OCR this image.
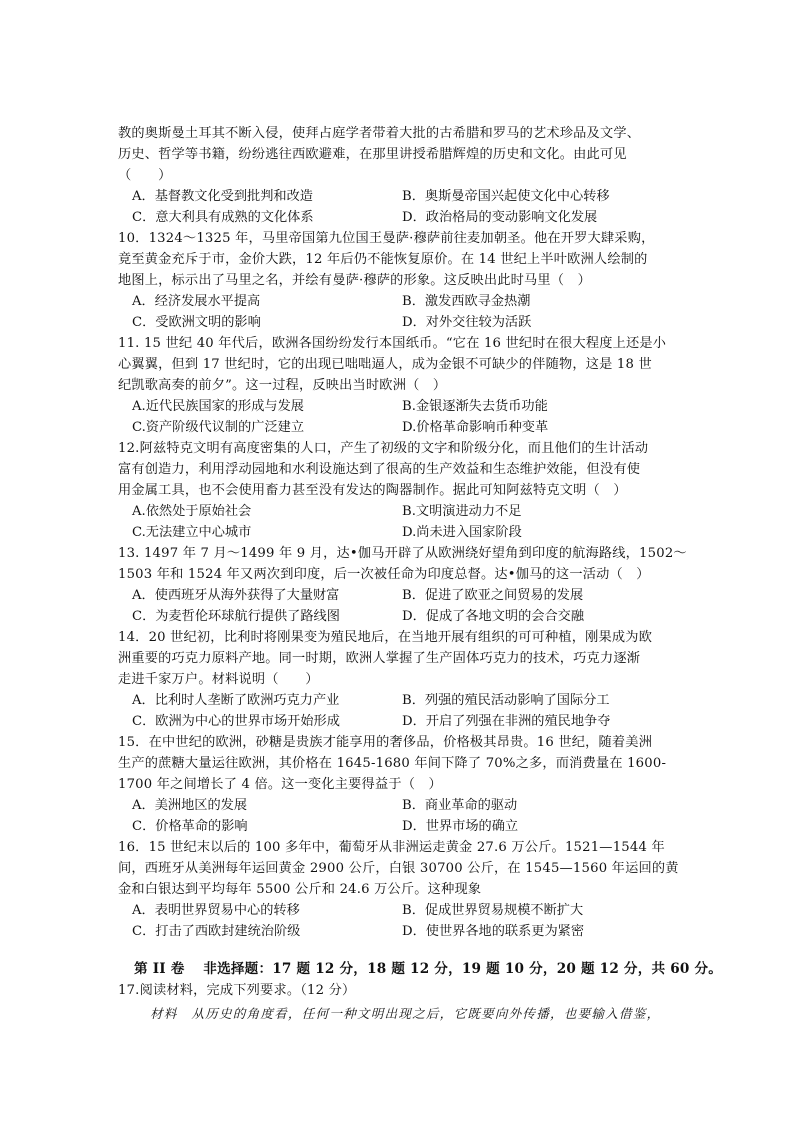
教的奥斯曼土耳其不断入侵，使拜占庭学者带着大批的古希腊和罗马的艺术珍品及文学、
历史、哲学等书籍，纷纷逃往西欧避难，在那里讲授希腊辉煌的历史和文化。由此可见
（　　）
A．基督教文化受到批判和改造	B．奥斯曼帝国兴起使文化中心转移
C．意大利具有成熟的文化体系	D．政治格局的变动影响文化发展
10．1324～1325 年，马里帝国第九位国王曼萨·穆萨前往麦加朝圣。他在开罗大肆采购，
竟至黄金充斥于市，金价大跌，12 年后仍不能恢复原价。在 14 世纪上半叶欧洲人绘制的
地图上，标示出了马里之名，并绘有曼萨·穆萨的形象。这反映出此时马里（　）
A．经济发展水平提高	B．激发西欧寻金热潮
C．受欧洲文明的影响	D．对外交往较为活跃
11. 15 世纪 40 年代后，欧洲各国纷纷发行本国纸币。“它在 16 世纪时在很大程度上还是小
心翼翼，但到 17 世纪时，它的出现已咄咄逼人，成为金银不可缺少的伴随物，这是 18 世
纪凯歌高奏的前夕”。这一过程，反映出当时欧洲（　）
A.近代民族国家的形成与发展	B.金银逐渐失去货币功能
C.资产阶级代议制的广泛建立	D.价格革命影响币种变革
12.阿兹特克文明有高度密集的人口，产生了初级的文字和阶级分化，而且他们的生计活动
富有创造力，利用浮动园地和水利设施达到了很高的生产效益和生态维护效能，但没有使
用金属工具，也不会使用畜力甚至没有发达的陶器制作。据此可知阿兹特克文明（　）
A.依然处于原始社会	B.文明演进动力不足
C.无法建立中心城市	D.尚未进入国家阶段
13. 1497 年 7 月～1499 年 9 月，达•伽马开辟了从欧洲绕好望角到印度的航海路线，1502～
1503 年和 1524 年又两次到印度，后一次被任命为印度总督。达•伽马的这一活动（　）
A．使西班牙从海外获得了大量财富	B．促进了欧亚之间贸易的发展
C．为麦哲伦环球航行提供了路线图	D．促成了各地文明的会合交融
14．20 世纪初，比利时将刚果变为殖民地后，在当地开展有组织的可可种植，刚果成为欧
洲重要的巧克力原料产地。同一时期，欧洲人掌握了生产固体巧克力的技术，巧克力逐渐
走进千家万户。材料说明（　　）
A．比利时人垄断了欧洲巧克力产业	B．列强的殖民活动影响了国际分工
C．欧洲为中心的世界市场开始形成	D．开启了列强在非洲的殖民地争夺
15．在中世纪的欧洲，砂糖是贵族才能享用的奢侈品，价格极其昂贵。16 世纪，随着美洲
生产的蔗糖大量运往欧洲，其价格在 1645-1680 年间下降了 70%之多，而消费量在 1600-
1700 年之间增长了 4 倍。这一变化主要得益于（　）
A．美洲地区的发展	B．商业革命的驱动
C．价格革命的影响	D．世界市场的确立
16．15 世纪末以后的 100 多年中，葡萄牙从非洲运走黄金 27.6 万公斤。1521—1544 年
间，西班牙从美洲每年运回黄金 2900 公斤，白银 30700 公斤，在 1545—1560 年运回的黄
金和白银达到平均每年 5500 公斤和 24.6 万公斤。这种现象
A．表明世界贸易中心的转移	B．促成世界贸易规模不断扩大
C．打击了西欧封建统治阶级	D．使世界各地的联系更为紧密
第 II 卷　 非选择题：17 题 12 分，18 题 12 分，19 题 10 分，20 题 12 分，共 60 分。
17.阅读材料，完成下列要求。（12 分）
材料　从历史的角度看，任何一种文明出现之后，它既要向外传播，也要输入借鉴，
